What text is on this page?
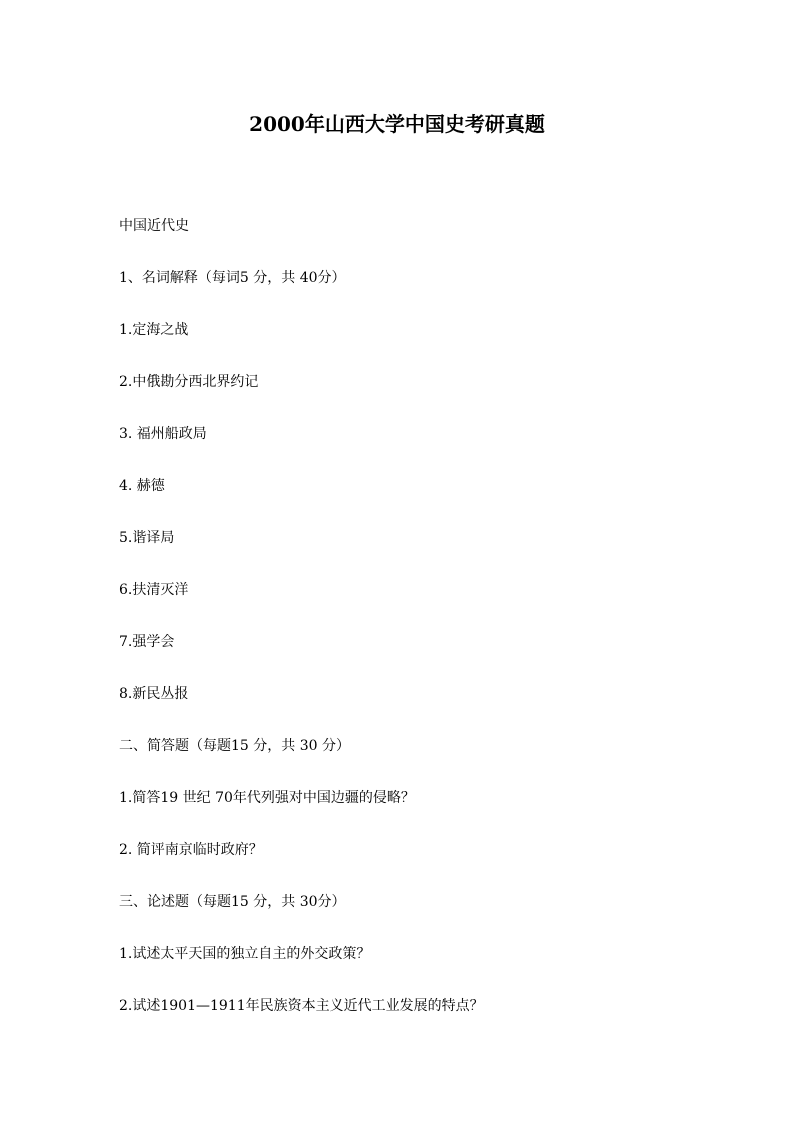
2000年山西大学中国史考研真题

中国近代史

1、名词解释（每词5 分，共 40分）

1.定海之战

2.中俄勘分西北界约记

3. 福州船政局

4. 赫德

5.谐译局

6.扶清灭洋

7.强学会

8.新民丛报

二、简答题（每题15 分，共 30 分）

1.简答19 世纪 70年代列强对中国边疆的侵略？

2. 简评南京临时政府？

三、论述题（每题15 分，共 30分）

1.试述太平天国的独立自主的外交政策？

2.试述1901—1911年民族资本主义近代工业发展的特点？
